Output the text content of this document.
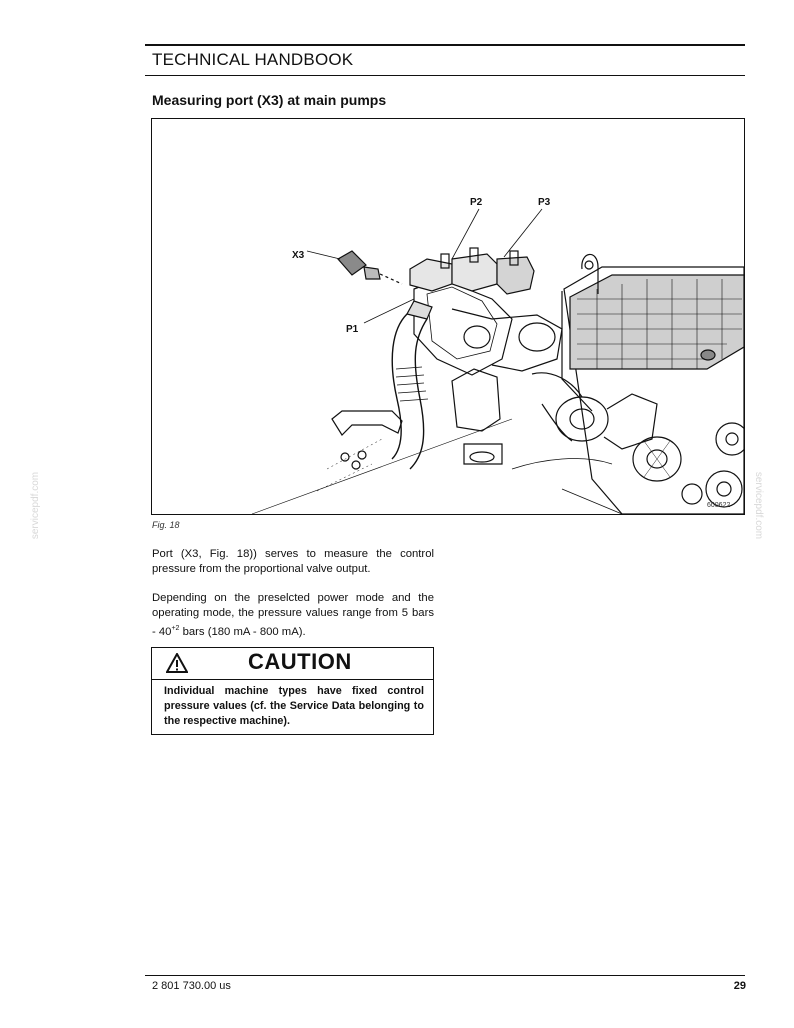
TECHNICAL HANDBOOK
Measuring port (X3) at main pumps
X3
P1
P2	P3
600622
Fig. 18
Port (X3, Fig. 18)) serves to measure the control pressure from the proportional valve output.
Depending on the preselcted power mode and the operating mode, the pressure values range from 5 bars - $40^{+2}$ bars (180 mA - 800 mA).
CAUTION
Individual machine types have fixed control pressure values (cf. the Service Data belonging to the respective machine).
2 801 730.00 us	29
servicepdf.com	servicepdf.com
